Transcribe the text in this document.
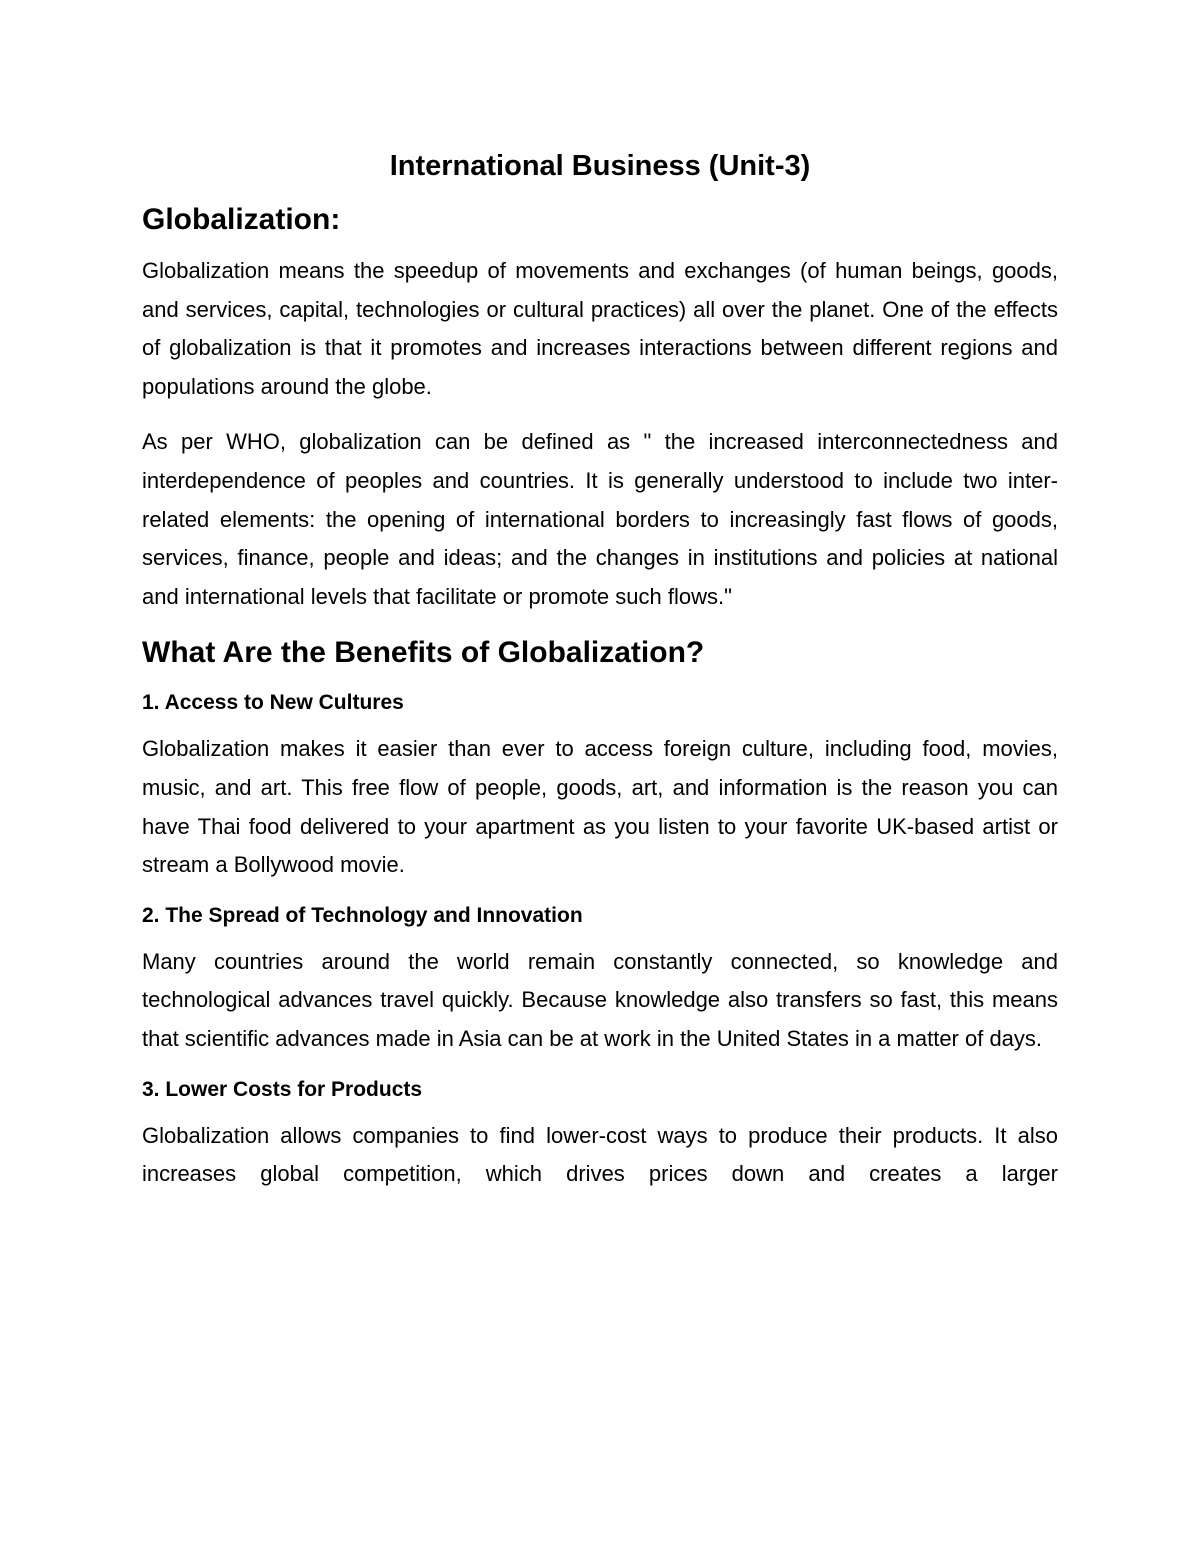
International Business (Unit-3)
Globalization:

Globalization means the speedup of movements and exchanges (of human beings, goods, and services, capital, technologies or cultural practices) all over the planet. One of the effects of globalization is that it promotes and increases interactions between different regions and populations around the globe.

As per WHO, globalization can be defined as " the increased interconnectedness and interdependence of peoples and countries. It is generally understood to include two inter-related elements: the opening of international borders to increasingly fast flows of goods, services, finance, people and ideas; and the changes in institutions and policies at national and international levels that facilitate or promote such flows."

What Are the Benefits of Globalization?
1. Access to New Cultures

Globalization makes it easier than ever to access foreign culture, including food, movies, music, and art. This free flow of people, goods, art, and information is the reason you can have Thai food delivered to your apartment as you listen to your favorite UK-based artist or stream a Bollywood movie.

2. The Spread of Technology and Innovation

Many countries around the world remain constantly connected, so knowledge and technological advances travel quickly. Because knowledge also transfers so fast, this means that scientific advances made in Asia can be at work in the United States in a matter of days.

3. Lower Costs for Products

Globalization allows companies to find lower-cost ways to produce their products. It also increases global competition, which drives prices down and creates a larger
